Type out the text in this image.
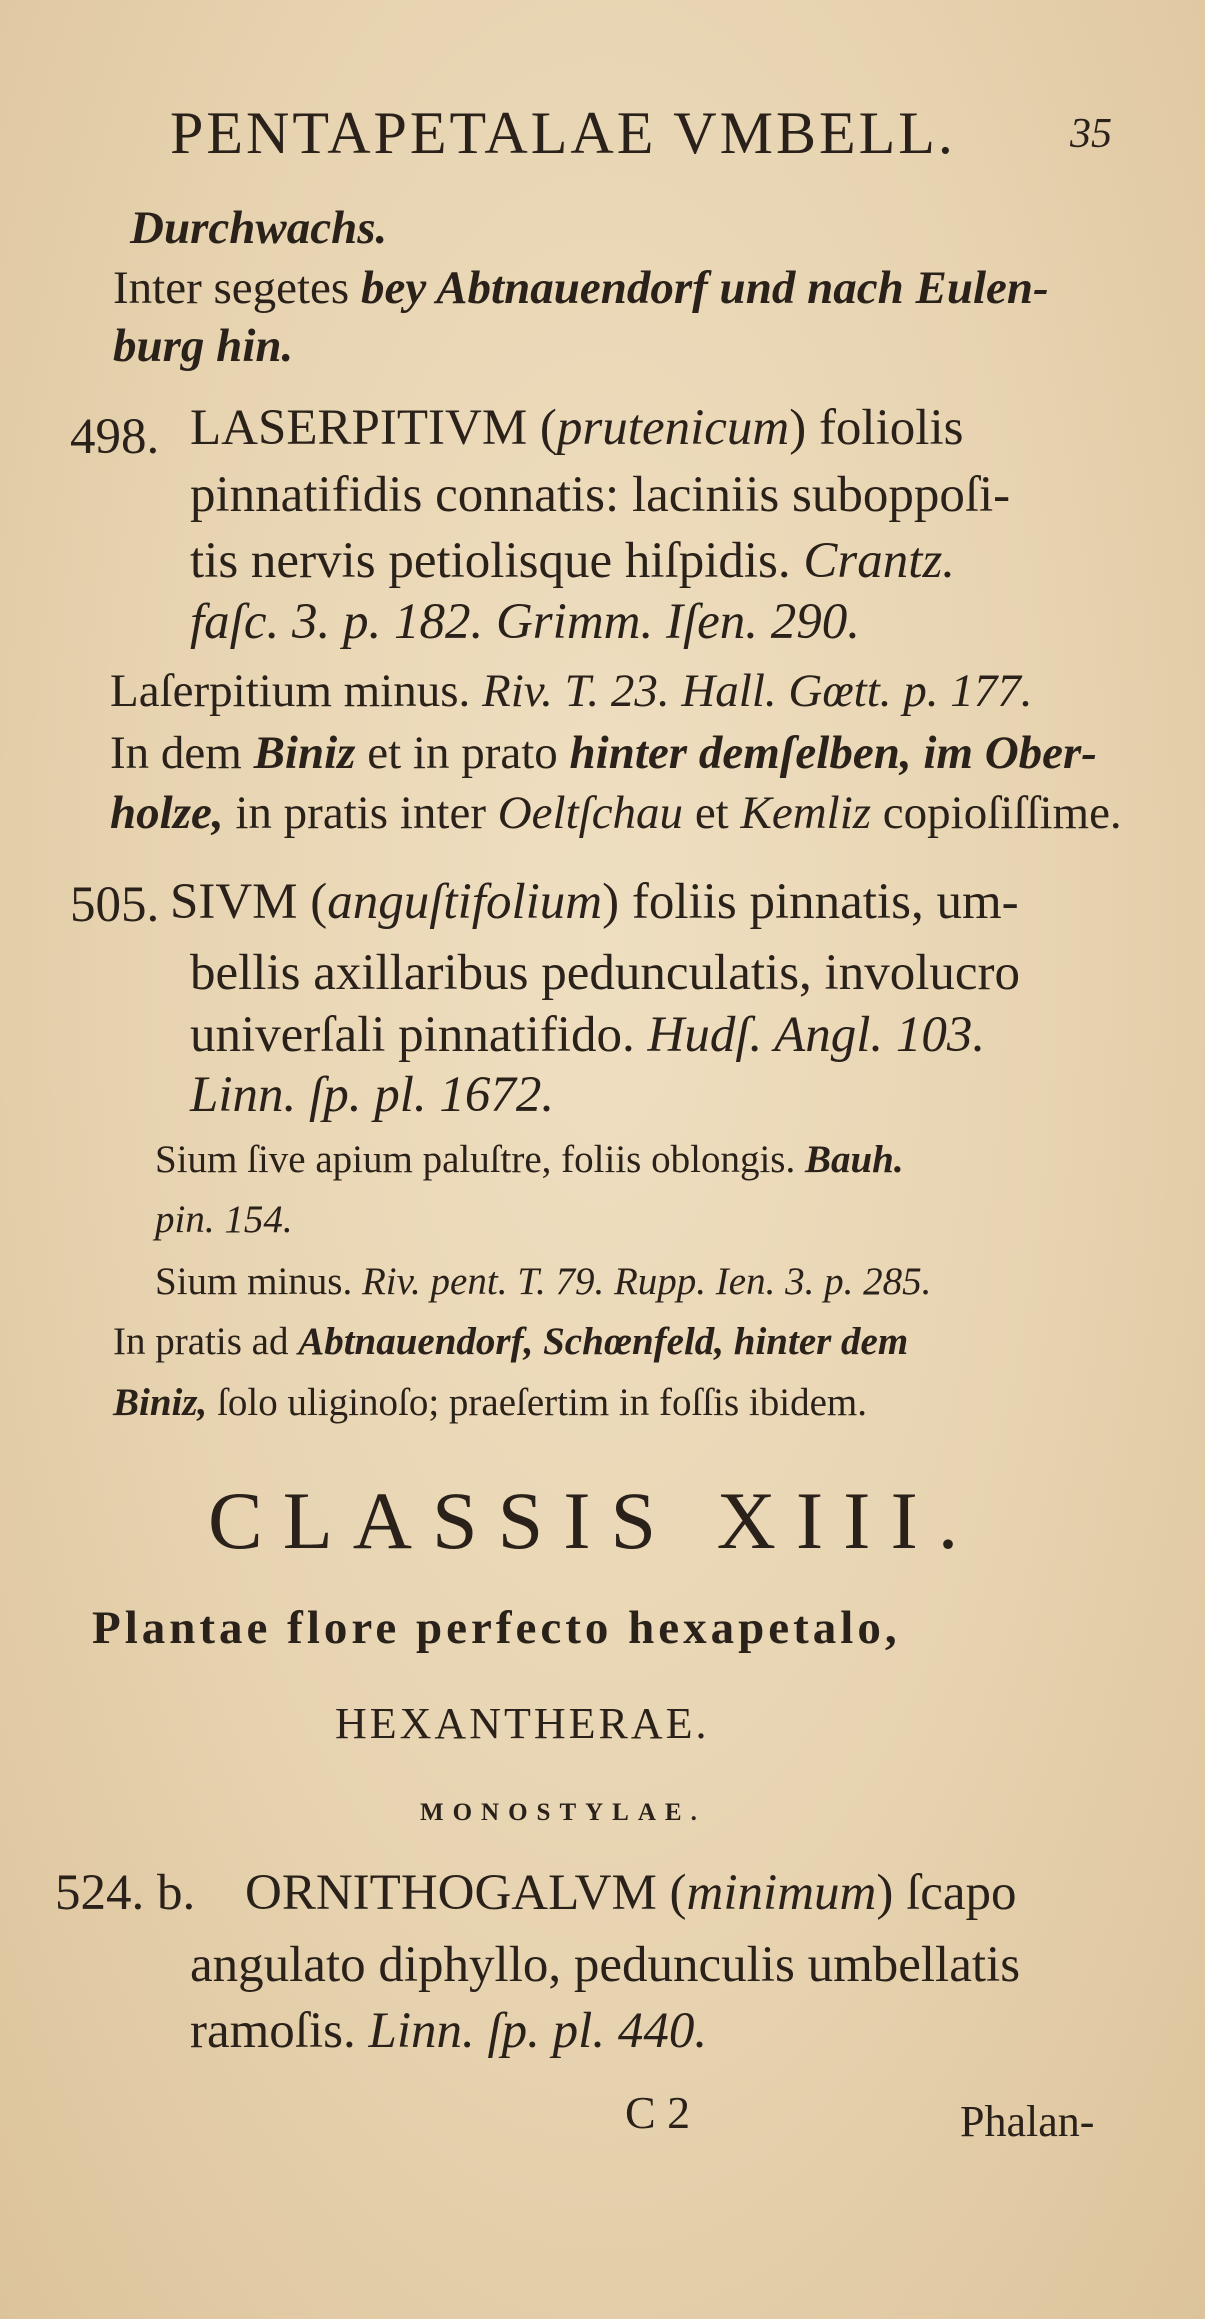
PENTAPETALAE VMBELL.	35
Durchwachs.
Inter segetes bey Abtnauendorf und nach Eulen-
burg hin.
498. LASERPITIVM (prutenicum) foliolis
pinnatifidis connatis: laciniis suboppoſi-
tis nervis petiolisque hiſpidis. Crantz.
faſc. 3. p. 182. Grimm. Iſen. 290.
Laſerpitium minus. Riv. T. 23. Hall. Gœtt. p. 177.
In dem Biniz et in prato hinter demſelben, im Ober-
holze, in pratis inter Oeltſchau et Kemliz copioſiſſime.
505. SIVM (anguſtifolium) foliis pinnatis, um-
bellis axillaribus pedunculatis, involucro
univerſali pinnatifido. Hudſ. Angl. 103.
Linn. ſp. pl. 1672.
Sium ſive apium paluſtre, foliis oblongis. Bauh.
pin. 154.
Sium minus. Riv. pent. T. 79. Rupp. Ien. 3. p. 285.
In pratis ad Abtnauendorf, Schœnfeld, hinter dem
Biniz, ſolo uliginoſo; praeſertim in foſſis ibidem.
CLASSIS XIII.
Plantae flore perfecto hexapetalo,
HEXANTHERAE.
MONOSTYLAE.
524. b. ORNITHOGALVM (minimum) ſcapo
angulato diphyllo, pedunculis umbellatis
ramoſis. Linn. ſp. pl. 440.
C 2	Phalan-
